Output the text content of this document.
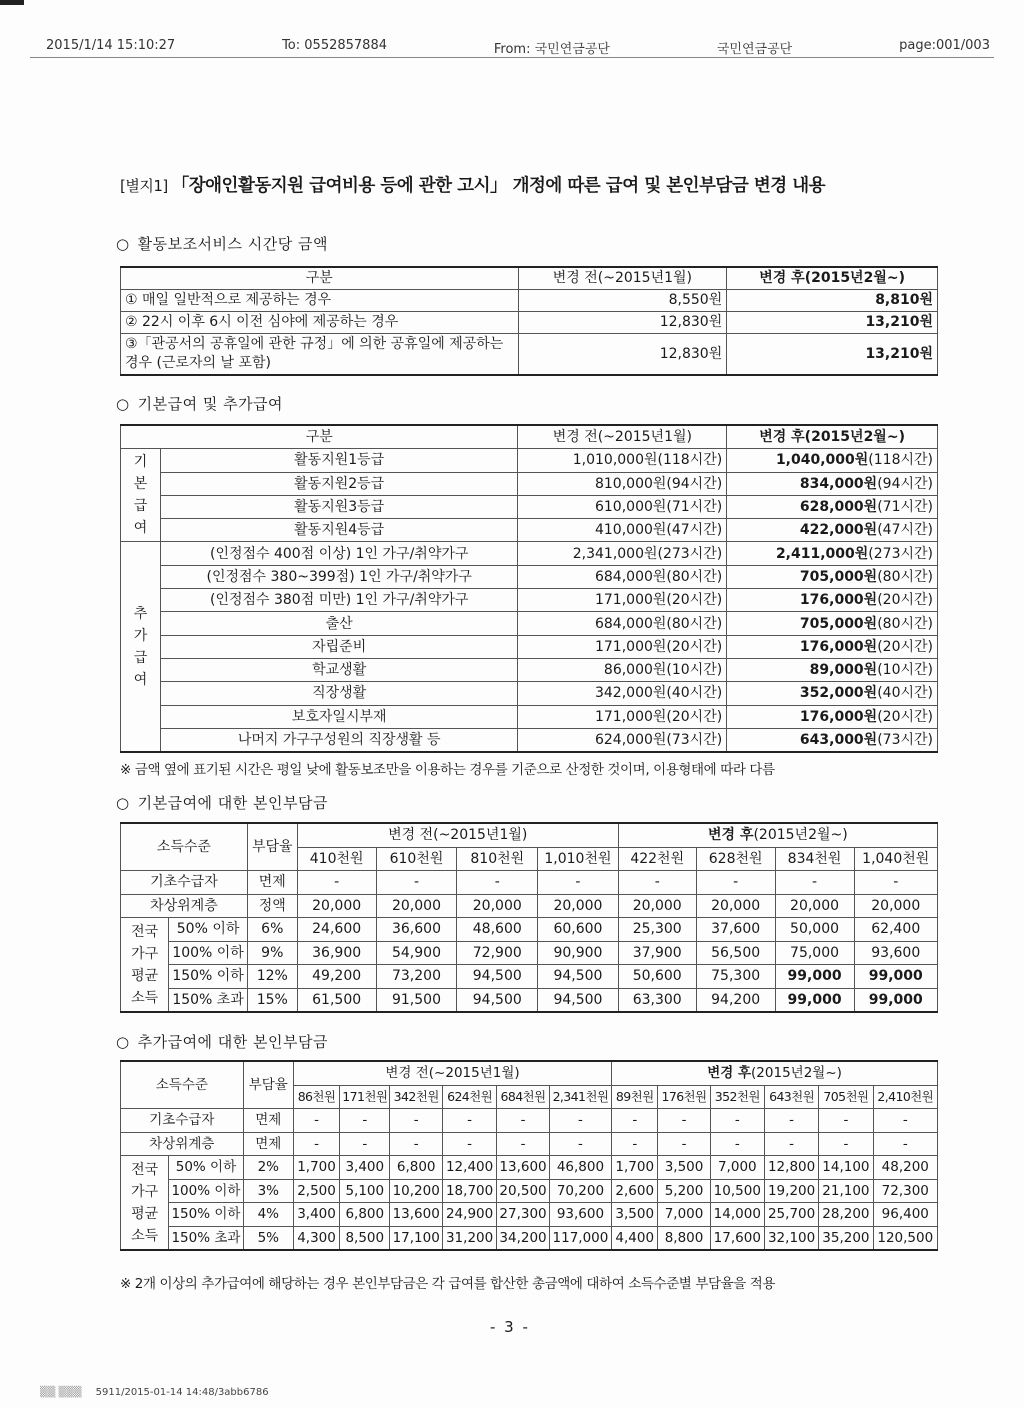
2015/1/14 15:10:27	To: 0552857884	From: 국민연금공단	국민연금공단	page:001/003
[별지1] 「장애인활동지원 급여비용 등에 관한 고시」 개정에 따른 급여 및 본인부담금 변경 내용
○ 활동보조서비스 시간당 금액
구분	변경 전(~2015년1월)	변경 후(2015년2월~)
① 매일 일반적으로 제공하는 경우	8,550원	8,810원
② 22시 이후 6시 이전 심야에 제공하는 경우	12,830원	13,210원
③「관공서의 공휴일에 관한 규정」에 의한 공휴일에 제공하는 경우 (근로자의 날 포함)	12,830원	13,210원
○ 기본급여 및 추가급여
구분		변경 전(~2015년1월)	변경 후(2015년2월~)

기
본
급
여	활동지원1등급	1,010,000원(118시간)	1,040,000원(118시간)
	활동지원2등급	810,000원(94시간)	834,000원(94시간)
	활동지원3등급	610,000원(71시간)	628,000원(71시간)
	활동지원4등급	410,000원(47시간)	422,000원(47시간)

추
가
급
여	(인정점수 400점 이상) 1인 가구/취약가구	2,341,000원(273시간)	2,411,000원(273시간)
	(인정점수 380~399점) 1인 가구/취약가구	684,000원(80시간)	705,000원(80시간)
	(인정점수 380점 미만) 1인 가구/취약가구	171,000원(20시간)	176,000원(20시간)
	출산	684,000원(80시간)	705,000원(80시간)
	자립준비	171,000원(20시간)	176,000원(20시간)
	학교생활	86,000원(10시간)	89,000원(10시간)
	직장생활	342,000원(40시간)	352,000원(40시간)
	보호자일시부재	171,000원(20시간)	176,000원(20시간)
	나머지 가구구성원의 직장생활 등	624,000원(73시간)	643,000원(73시간)
※ 금액 옆에 표기된 시간은 평일 낮에 활동보조만을 이용하는 경우를 기준으로 산정한 것이며, 이용형태에 따라 다름
○ 기본급여에 대한 본인부담금
소득수준		부담율	변경 전(~2015년1월)				변경 후(2015년2월~)			
			410천원	610천원	810천원	1,010천원	422천원	628천원	834천원	1,040천원
기초수급자		면제	-	-	-	-	-	-	-	-
차상위계층		정액	20,000	20,000	20,000	20,000	20,000	20,000	20,000	20,000

전국
가구
평균
소득	50% 이하	6%	24,600	36,600	48,600	60,600	25,300	37,600	50,000	62,400
	100% 이하	9%	36,900	54,900	72,900	90,900	37,900	56,500	75,000	93,600
	150% 이하	12%	49,200	73,200	94,500	94,500	50,600	75,300	99,000	99,000
	150% 초과	15%	61,500	91,500	94,500	94,500	63,300	94,200	99,000	99,000
○ 추가급여에 대한 본인부담금
소득수준		부담율	변경 전(~2015년1월)						변경 후(2015년2월~)					
			86천원	171천원	342천원	624천원	684천원	2,341천원	89천원	176천원	352천원	643천원	705천원	2,410천원
기초수급자		면제	-	-	-	-	-	-	-	-	-	-	-	-
차상위계층		면제	-	-	-	-	-	-	-	-	-	-	-	-

전국
가구
평균
소득	50% 이하	2%	1,700	3,400	6,800	12,400	13,600	46,800	1,700	3,500	7,000	12,800	14,100	48,200
	100% 이하	3%	2,500	5,100	10,200	18,700	20,500	70,200	2,600	5,200	10,500	19,200	21,100	72,300
	150% 이하	4%	3,400	6,800	13,600	24,900	27,300	93,600	3,500	7,000	14,000	25,700	28,200	96,400
	150% 초과	5%	4,300	8,500	17,100	31,200	34,200	117,000	4,400	8,800	17,600	32,100	35,200	120,500
※ 2개 이상의 추가급여에 해당하는 경우 본인부담금은 각 급여를 합산한 총금액에 대하여 소득수준별 부담율을 적용
- 3 -
▒▒ ▒▒▒ 5911/2015-01-14 14:48/3abb6786
